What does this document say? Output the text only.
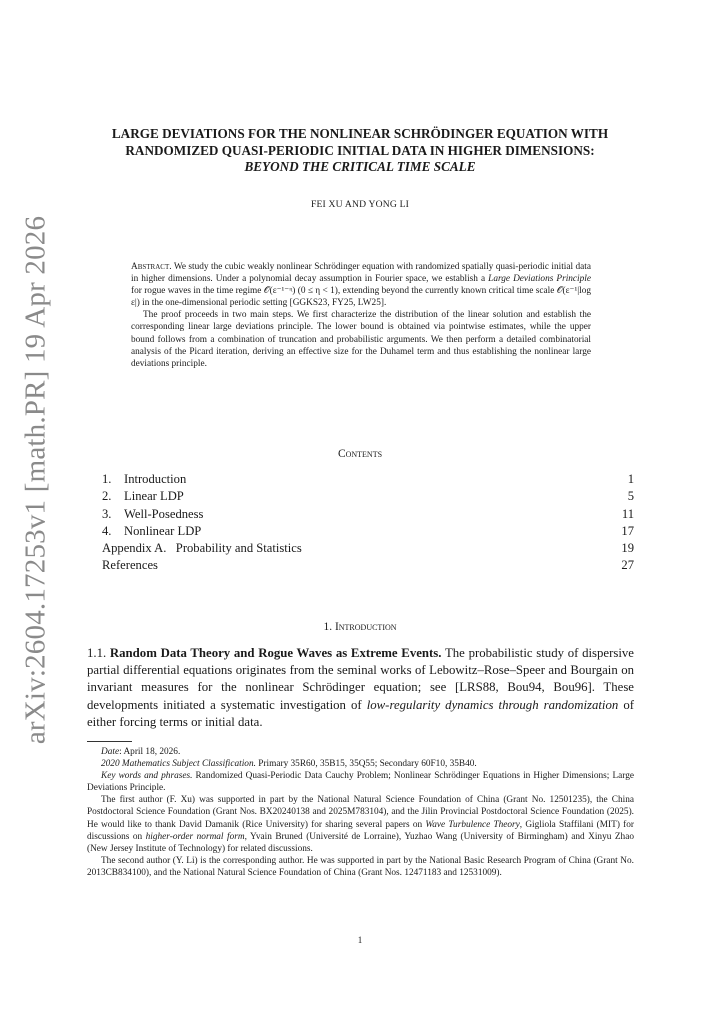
arXiv:2604.17253v1 [math.PR] 19 Apr 2026
LARGE DEVIATIONS FOR THE NONLINEAR SCHRÖDINGER EQUATION WITH
RANDOMIZED QUASI-PERIODIC INITIAL DATA IN HIGHER DIMENSIONS:
BEYOND THE CRITICAL TIME SCALE
FEI XU AND YONG LI

Abstract. We study the cubic weakly nonlinear Schrödinger equation with randomized spatially quasi-periodic initial data in higher dimensions. Under a polynomial decay assumption in Fourier space, we establish a Large Deviations Principle for rogue waves in the time regime 𝒪(ε⁻¹⁻ᶯ) (0 ≤ η < 1), extending beyond the currently known critical time scale 𝒪(ε⁻¹|log ε|) in the one-dimensional periodic setting [GGKS23, FY25, LW25].

The proof proceeds in two main steps. We first characterize the distribution of the linear solution and establish the corresponding linear large deviations principle. The lower bound is obtained via pointwise estimates, while the upper bound follows from a combination of truncation and probabilistic arguments. We then perform a detailed combinatorial analysis of the Picard iteration, deriving an effective size for the Duhamel term and thus establishing the nonlinear large deviations principle.

Contents
1. Introduction	1
2. Linear LDP	5
3. Well-Posedness	11
4. Nonlinear LDP	17
Appendix A.   Probability and Statistics	19
References	27
1. Introduction

1.1. Random Data Theory and Rogue Waves as Extreme Events. The probabilistic study of dispersive partial differential equations originates from the seminal works of Lebowitz–Rose–Speer and Bourgain on invariant measures for the nonlinear Schrödinger equation; see [LRS88, Bou94, Bou96]. These developments initiated a systematic investigation of low-regularity dynamics through randomization of either forcing terms or initial data.

Date: April 18, 2026.

2020 Mathematics Subject Classification. Primary 35R60, 35B15, 35Q55; Secondary 60F10, 35B40.

Key words and phrases. Randomized Quasi-Periodic Data Cauchy Problem; Nonlinear Schrödinger Equations in Higher Dimensions; Large Deviations Principle.

The first author (F. Xu) was supported in part by the National Natural Science Foundation of China (Grant No. 12501235), the China Postdoctoral Science Foundation (Grant Nos. BX20240138 and 2025M783104), and the Jilin Provincial Postdoctoral Science Foundation (2025). He would like to thank David Damanik (Rice University) for sharing several papers on Wave Turbulence Theory, Gigliola Staffilani (MIT) for discussions on higher-order normal form, Yvain Bruned (Université de Lorraine), Yuzhao Wang (University of Birmingham) and Xinyu Zhao (New Jersey Institute of Technology) for related discussions.

The second author (Y. Li) is the corresponding author. He was supported in part by the National Basic Research Program of China (Grant No. 2013CB834100), and the National Natural Science Foundation of China (Grant Nos. 12471183 and 12531009).

1
